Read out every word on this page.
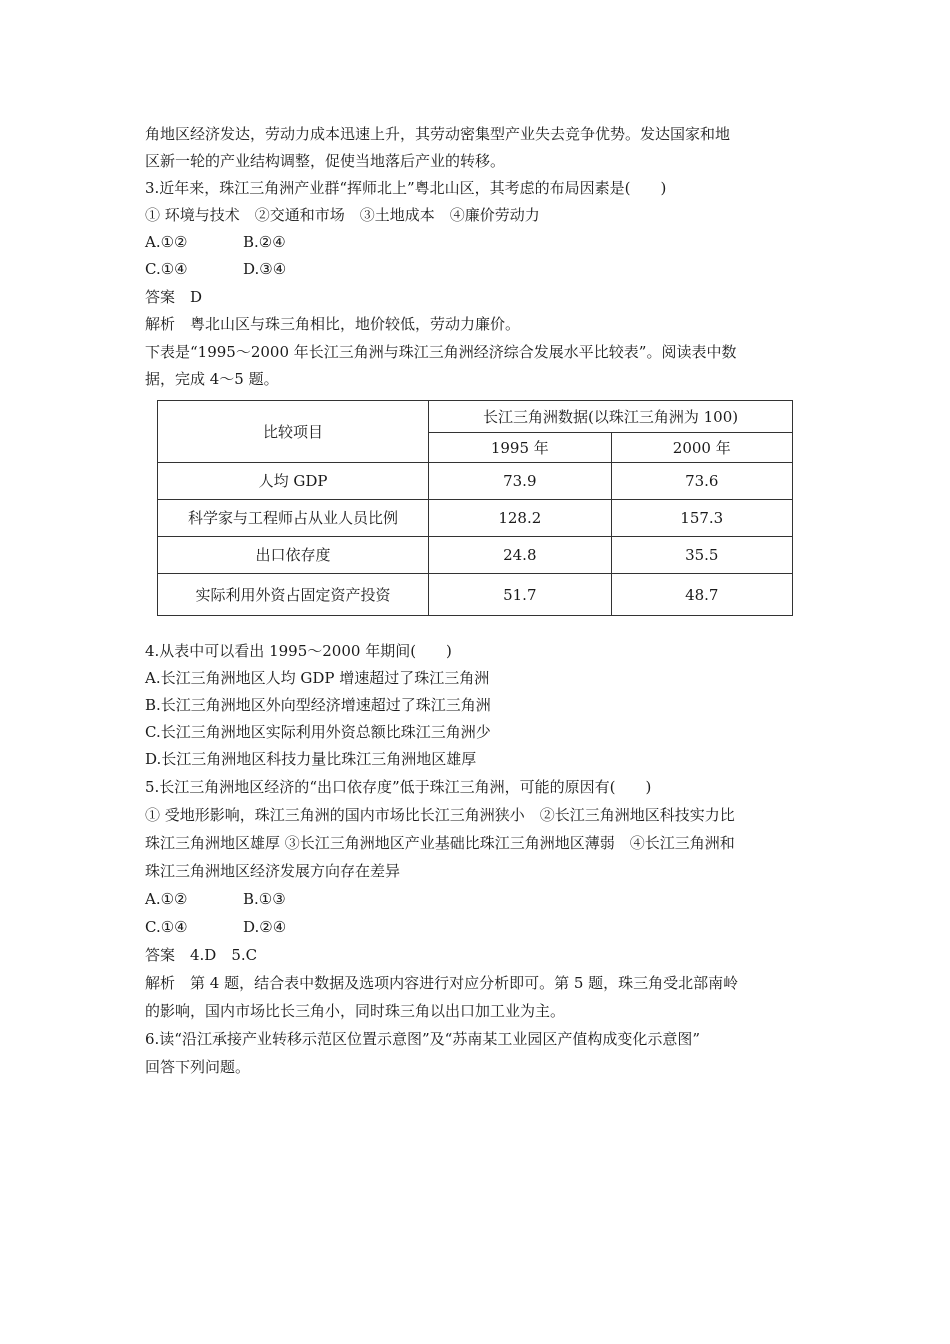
角地区经济发达，劳动力成本迅速上升，其劳动密集型产业失去竞争优势。发达国家和地
区新一轮的产业结构调整，促使当地落后产业的转移。
3.近年来，珠江三角洲产业群“挥师北上”粤北山区，其考虑的布局因素是(　　)
① 环境与技术　②交通和市场　③土地成本　④廉价劳动力
A.①②	B.②④
C.①④	D.③④
答案　D
解析　粤北山区与珠三角相比，地价较低，劳动力廉价。
下表是“1995～2000 年长江三角洲与珠江三角洲经济综合发展水平比较表”。阅读表中数
据，完成 4～5 题。
比较项目	长江三角洲数据(以珠江三角洲为 100)	
	1995 年	2000 年
人均 GDP	73.9	73.6
科学家与工程师占从业人员比例	128.2	157.3
出口依存度	24.8	35.5
实际利用外资占固定资产投资	51.7	48.7
4.从表中可以看出 1995～2000 年期间(　　)
A.长江三角洲地区人均 GDP 增速超过了珠江三角洲
B.长江三角洲地区外向型经济增速超过了珠江三角洲
C.长江三角洲地区实际利用外资总额比珠江三角洲少
D.长江三角洲地区科技力量比珠江三角洲地区雄厚
5.长江三角洲地区经济的“出口依存度”低于珠江三角洲，可能的原因有(　　)
① 受地形影响，珠江三角洲的国内市场比长江三角洲狭小　②长江三角洲地区科技实力比
珠江三角洲地区雄厚 ③长江三角洲地区产业基础比珠江三角洲地区薄弱　④长江三角洲和
珠江三角洲地区经济发展方向存在差异
A.①②	B.①③
C.①④	D.②④
答案　4.D　5.C
解析　第 4 题，结合表中数据及选项内容进行对应分析即可。第 5 题，珠三角受北部南岭
的影响，国内市场比长三角小，同时珠三角以出口加工业为主。
6.读“沿江承接产业转移示范区位置示意图”及“苏南某工业园区产值构成变化示意图”
回答下列问题。
